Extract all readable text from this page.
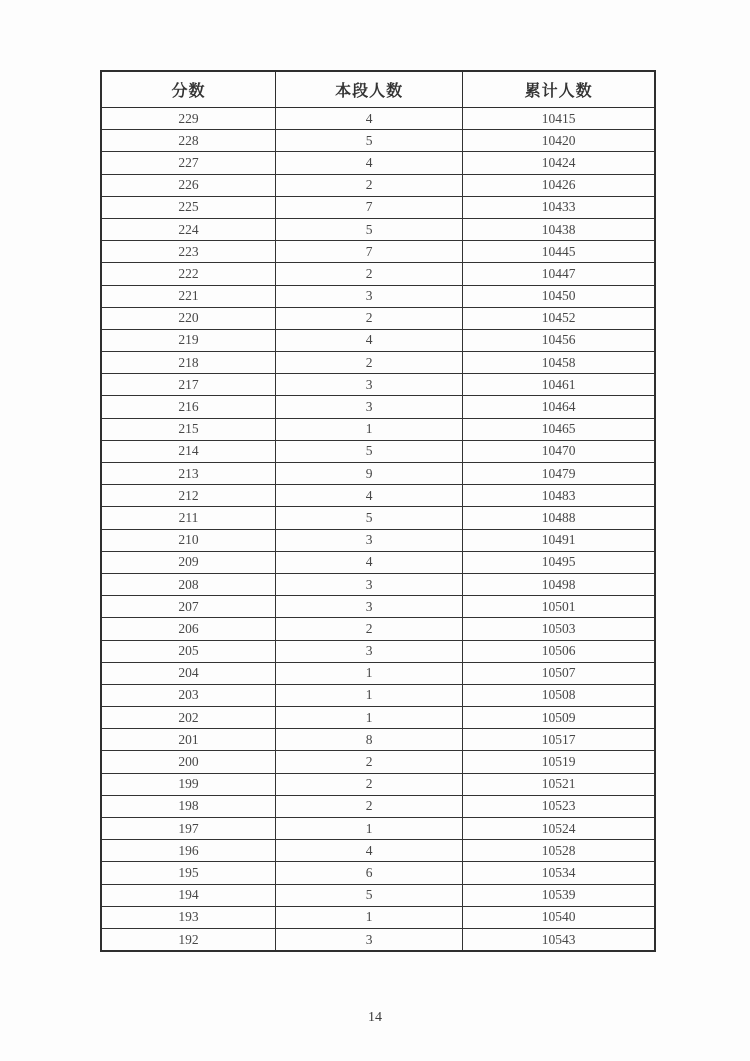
分数	本段人数	累计人数
229	4	10415
228	5	10420
227	4	10424
226	2	10426
225	7	10433
224	5	10438
223	7	10445
222	2	10447
221	3	10450
220	2	10452
219	4	10456
218	2	10458
217	3	10461
216	3	10464
215	1	10465
214	5	10470
213	9	10479
212	4	10483
211	5	10488
210	3	10491
209	4	10495
208	3	10498
207	3	10501
206	2	10503
205	3	10506
204	1	10507
203	1	10508
202	1	10509
201	8	10517
200	2	10519
199	2	10521
198	2	10523
197	1	10524
196	4	10528
195	6	10534
194	5	10539
193	1	10540
192	3	10543
14
